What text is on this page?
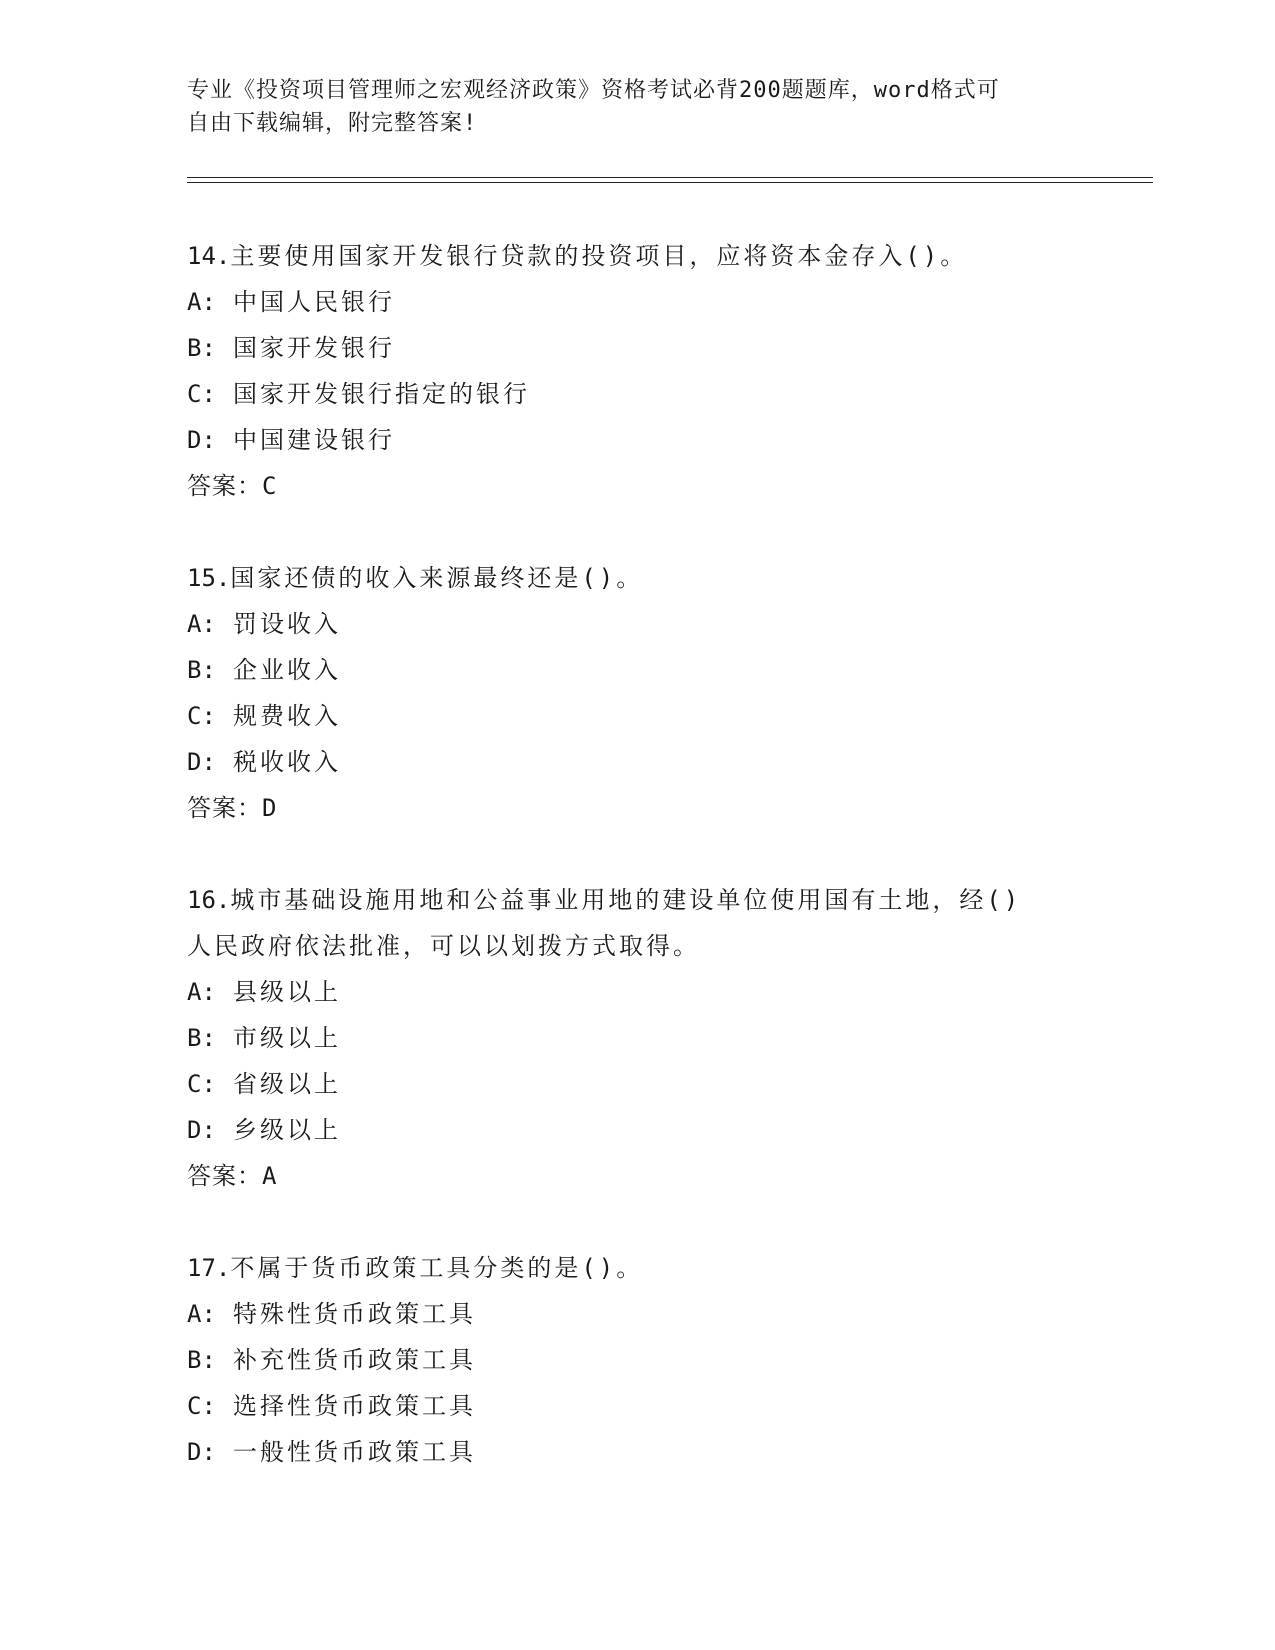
专业《投资项目管理师之宏观经济政策》资格考试必背200题题库，word格式可
自由下载编辑，附完整答案!
14.主要使用国家开发银行贷款的投资项目，应将资本金存入()。
A: 中国人民银行
B: 国家开发银行
C: 国家开发银行指定的银行
D: 中国建设银行
答案：C
15.国家还债的收入来源最终还是()。
A: 罚设收入
B: 企业收入
C: 规费收入
D: 税收收入
答案：D
16.城市基础设施用地和公益事业用地的建设单位使用国有土地，经()
人民政府依法批准，可以以划拨方式取得。
A: 县级以上
B: 市级以上
C: 省级以上
D: 乡级以上
答案：A
17.不属于货币政策工具分类的是()。
A: 特殊性货币政策工具
B: 补充性货币政策工具
C: 选择性货币政策工具
D: 一般性货币政策工具
